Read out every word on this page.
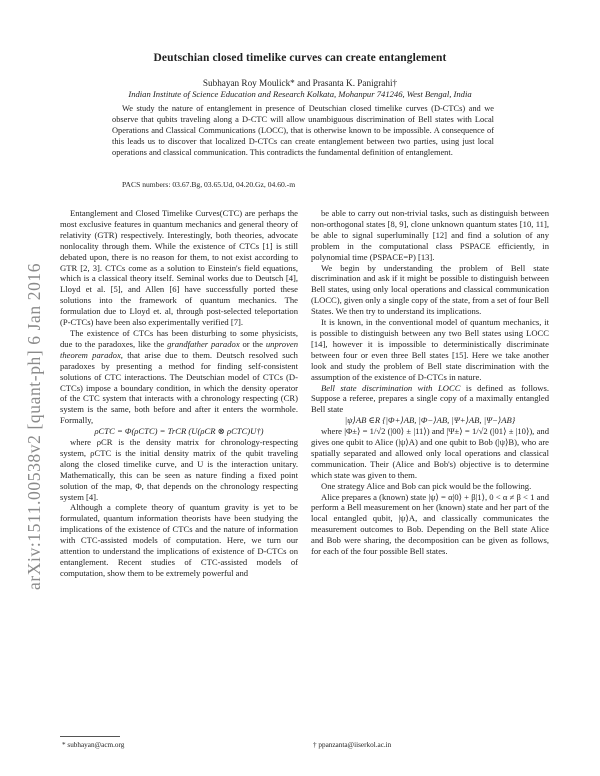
arXiv:1511.00538v2 [quant-ph] 6 Jan 2016
Deutschian closed timelike curves can create entanglement
Subhayan Roy Moulick* and Prasanta K. Panigrahi†
Indian Institute of Science Education and Research Kolkata, Mohanpur 741246, West Bengal, India
We study the nature of entanglement in presence of Deutschian closed timelike curves (D-CTCs) and we observe that qubits traveling along a D-CTC will allow unambiguous discrimination of Bell states with Local Operations and Classical Communications (LOCC), that is otherwise known to be impossible. A consequence of this leads us to discover that localized D-CTCs can create entanglement between two parties, using just local operations and classical communication. This contradicts the fundamental definition of entanglement.
PACS numbers: 03.67.Bg, 03.65.Ud, 04.20.Gz, 04.60.-m

Entanglement and Closed Timelike Curves(CTC) are perhaps the most exclusive features in quantum mechanics and general theory of relativity (GTR) respectively. Interestingly, both theories, advocate nonlocality through them. While the existence of CTCs [1] is still debated upon, there is no reason for them, to not exist according to GTR [2, 3]. CTCs come as a solution to Einstein's field equations, which is a classical theory itself. Seminal works due to Deutsch [4], Lloyd et al. [5], and Allen [6] have successfully ported these solutions into the framework of quantum mechanics. The formulation due to Lloyd et. al, through post-selected teleportation (P-CTCs) have been also experimentally verified [7].

The existence of CTCs has been disturbing to some physicists, due to the paradoxes, like the grandfather paradox or the unproven theorem paradox, that arise due to them. Deutsch resolved such paradoxes by presenting a method for finding self-consistent solutions of CTC interactions. The Deutschian model of CTCs (D-CTCs) impose a boundary condition, in which the density operator of the CTC system that interacts with a chronology respecting (CR) system is the same, both before and after it enters the wormhole. Formally,

ρCTC = Φ(ρCTC) = TrCR (U(ρCR ⊗ ρCTC)U†)

where ρCR is the density matrix for chronology-respecting system, ρCTC is the initial density matrix of the qubit traveling along the closed timelike curve, and U is the interaction unitary. Mathematically, this can be seen as nature finding a fixed point solution of the map, Φ, that depends on the chronology respecting system [4].

Although a complete theory of quantum gravity is yet to be formulated, quantum information theorists have been studying the implications of the existence of CTCs and the nature of information with CTC-assisted models of computation. Here, we turn our attention to understand the implications of existence of D-CTCs on entanglement. Recent studies of CTC-assisted models of computation, show them to be extremely powerful and

be able to carry out non-trivial tasks, such as distinguish between non-orthogonal states [8, 9], clone unknown quantum states [10, 11], be able to signal superluminally [12] and find a solution of any problem in the computational class PSPACE efficiently, in polynomial time (PSPACE=P) [13].

We begin by understanding the problem of Bell state discrimination and ask if it might be possible to distinguish between Bell states, using only local operations and classical communication (LOCC), given only a single copy of the state, from a set of four Bell States. We then try to understand its implications.

It is known, in the conventional model of quantum mechanics, it is possible to distinguish between any two Bell states using LOCC [14], however it is impossible to deterministically discriminate between four or even three Bell states [15]. Here we take another look and study the problem of Bell state discrimination with the assumption of the existence of D-CTCs in nature.

Bell state discrimination with LOCC is defined as follows. Suppose a referee, prepares a single copy of a maximally entangled Bell state

|ψ⟩AB ∈R {|Φ+⟩AB, |Φ−⟩AB, |Ψ+⟩AB, |Ψ−⟩AB}

where |Φ±⟩ = 1/√2 (|00⟩ ± |11⟩) and |Ψ±⟩ = 1/√2 (|01⟩ ± |10⟩), and gives one qubit to Alice (|ψ⟩A) and one qubit to Bob (|ψ⟩B), who are spatially separated and allowed only local operations and classical communication. Their (Alice and Bob's) objective is to determine which state was given to them.

One strategy Alice and Bob can pick would be the following.

Alice prepares a (known) state |ψ⟩ = α|0⟩ + β|1⟩, 0 < α ≠ β < 1 and perform a Bell measurement on her (known) state and her part of the local entangled qubit, |ψ⟩A, and classically communicates the measurement outcomes to Bob. Depending on the Bell state Alice and Bob were sharing, the decomposition can be given as follows, for each of the four possible Bell states.

* subhayan@acm.org	† ppanzanta@iiserkol.ac.in
